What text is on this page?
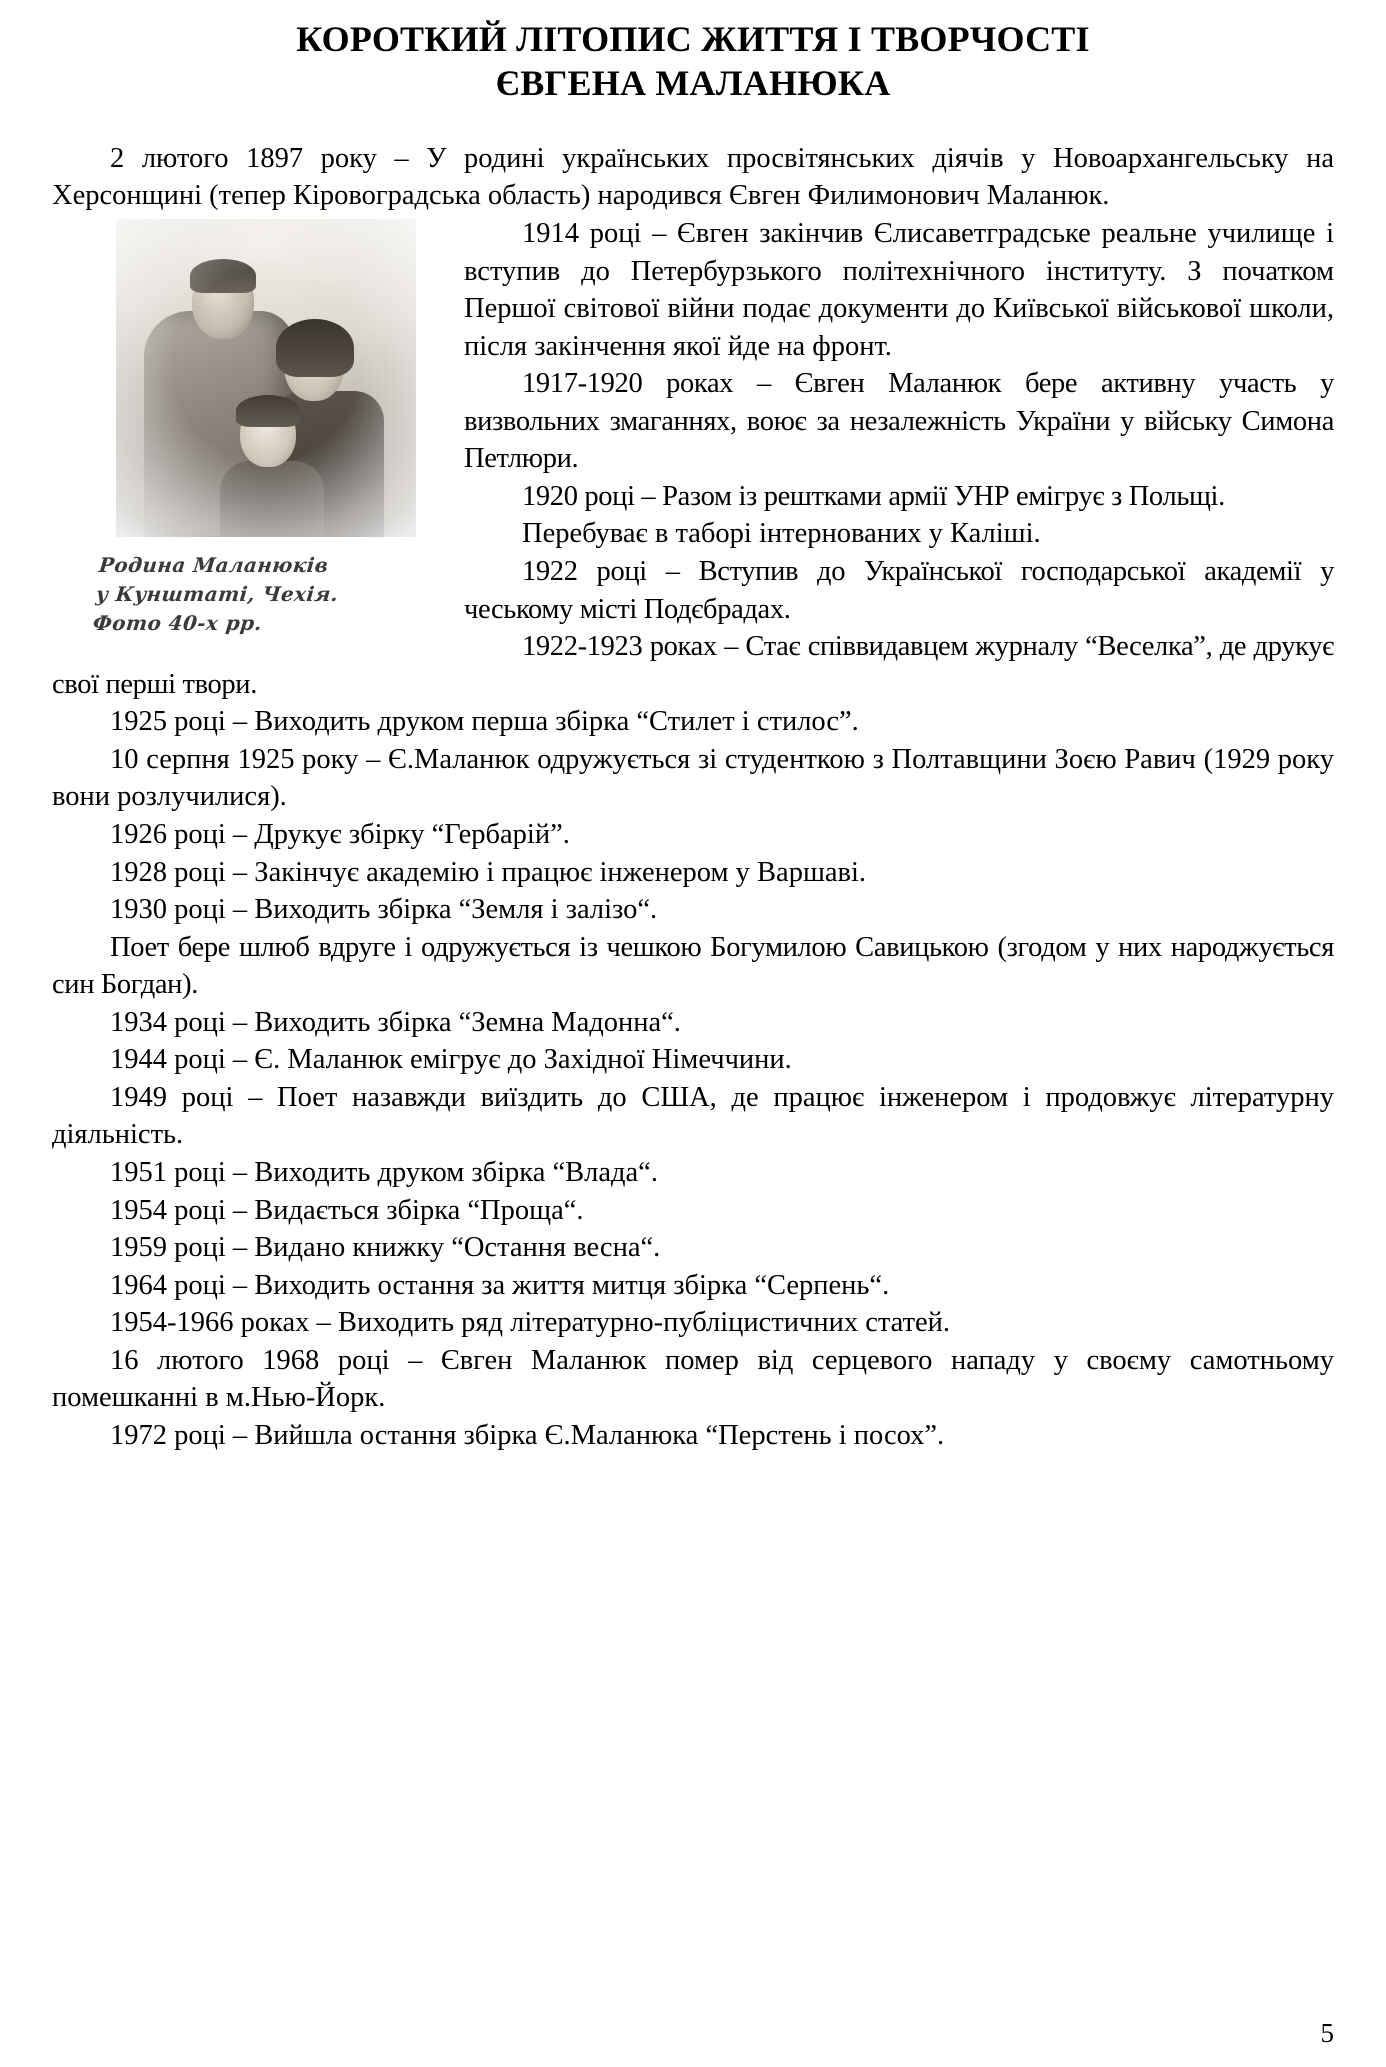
КОРОТКИЙ ЛІТОПИС ЖИТТЯ І ТВОРЧОСТІ
ЄВГЕНА МАЛАНЮКА

2 лютого 1897 року – У родині українських просвітянських діячів у Новоархангельську на Херсонщині (тепер Кіровоградська область) народився Євген Филимонович Маланюк.

Родина Маланюків
у Кунштаті, Чехія.
Фото 40-х рр.

1914 році – Євген закінчив Єлисаветградське реальне училище і вступив до Петербурзького політехнічного інституту. З початком Першої світової війни подає документи до Київської військової школи, після закінчення якої йде на фронт.

1917-1920 роках – Євген Маланюк бере активну участь у визвольних змаганнях, воює за незалежність України у війську Симона Петлюри.

1920 році – Разом із рештками армії УНР емігрує з Польщі.

Перебуває в таборі інтернованих у Каліші.

1922 році – Вступив до Української господарської академії у чеському місті Подєбрадах.

1922-1923 роках – Стає співвидавцем журналу “Веселка”, де друкує свої перші твори.

1925 році – Виходить друком перша збірка “Стилет і стилос”.

10 серпня 1925 року – Є.Маланюк одружується зі студенткою з Полтавщини Зоєю Равич (1929 року вони розлучилися).

1926 році – Друкує збірку “Гербарій”.

1928 році – Закінчує академію і працює інженером у Варшаві.

1930 році – Виходить збірка “Земля і залізо“.

Поет бере шлюб вдруге і одружується із чешкою Богумилою Савицькою (згодом у них народжується син Богдан).

1934 році – Виходить збірка “Земна Мадонна“.

1944 році – Є. Маланюк емігрує до Західної Німеччини.

1949 році – Поет назавжди виїздить до США, де працює інженером і продовжує літературну діяльність.

1951 році – Виходить друком збірка “Влада“.

1954 році – Видається збірка “Проща“.

1959 році – Видано книжку “Остання весна“.

1964 році – Виходить остання за життя митця збірка “Серпень“.

1954-1966 роках – Виходить ряд літературно-публіцистичних статей.

16 лютого 1968 році – Євген Маланюк помер від серцевого нападу у своєму самотньому помешканні в м.Нью-Йорк.

1972 році – Вийшла остання збірка Є.Маланюка “Перстень і посох”.

5
